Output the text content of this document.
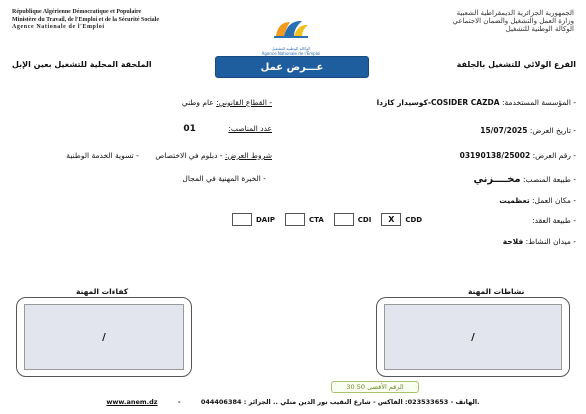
République Algérienne Démocratique et Populaire
Ministère du Travail, de l'Emploi et de la Sécurité Sociale
Agence Nationale de l'Emploi
الوكالة الوطنية للتشغيل
Agence Nationale de l'Emploi
الجمهورية الجزائرية الديمقراطية الشعبية
وزارة العمل والتشغيل والضمان الاجتماعي
الوكالة الوطنية للتشغيل
الفرع الولائي للتشغيل بالجلفة
الملحقة المحلية للتشغيل بعين الإبل	عـــرض عمل
- المؤسسة المستخدمة: COSIDER CAZDA-كوسيدار كازدا
- تاريخ العرض: 15/07/2025
- رقم العرض: 03190138/25002
- طبيعة المنصب: مخــــزني
- مكان العمل: تعظميت
- طبيعة العقد:
- ميدان النشاط: فلاحة
DAIP	CTA	CDI	X	CDD
- القطاع القانوني: عام وطني
عدد المناصب: 01
شروط العرض: - دبلوم في الاختصاص - تسوية الخدمة الوطنية
- الخبرة المهنية في المجال
نشاطات المهنة
/
كفاءات المهنة
/
الرقم الأقصى 50 30
www.anem.dz	-	044406384 : الهاتف - 023533653: الفاكس - شارع النقيب نور الدين منلي .. الجزائر.
